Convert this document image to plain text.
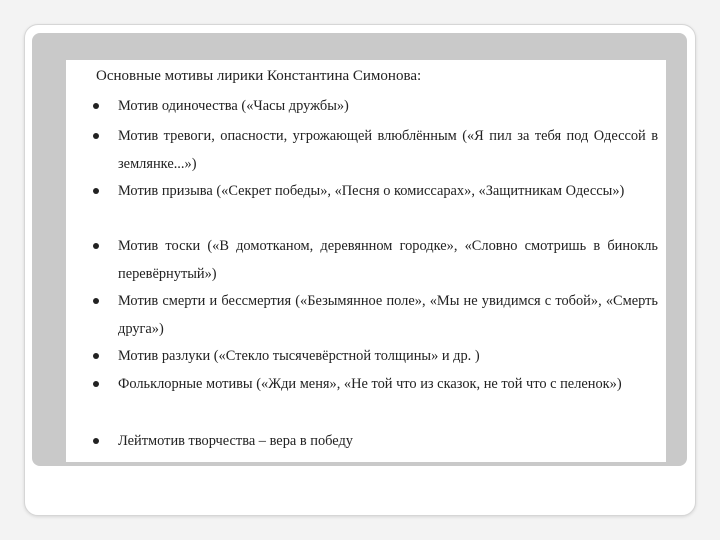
Основные мотивы лирики Константина Симонова:
Мотив одиночества («Часы дружбы»)
Мотив тревоги, опасности, угрожающей влюблённым («Я пил за тебя под Одессой в землянке...»)
Мотив призыва («Секрет победы», «Песня о комиссарах», «Защитникам Одессы»)
Мотив тоски («В домотканом, деревянном городке», «Словно смотришь в бинокль перевёрнутый»)
Мотив смерти и бессмертия («Безымянное поле», «Мы не увидимся с тобой», «Смерть друга»)
Мотив разлуки («Стекло тысячевёрстной толщины» и др. )
Фольклорные мотивы («Жди меня», «Не той что из сказок, не той что с пеленок»)
Лейтмотив творчества – вера в победу
